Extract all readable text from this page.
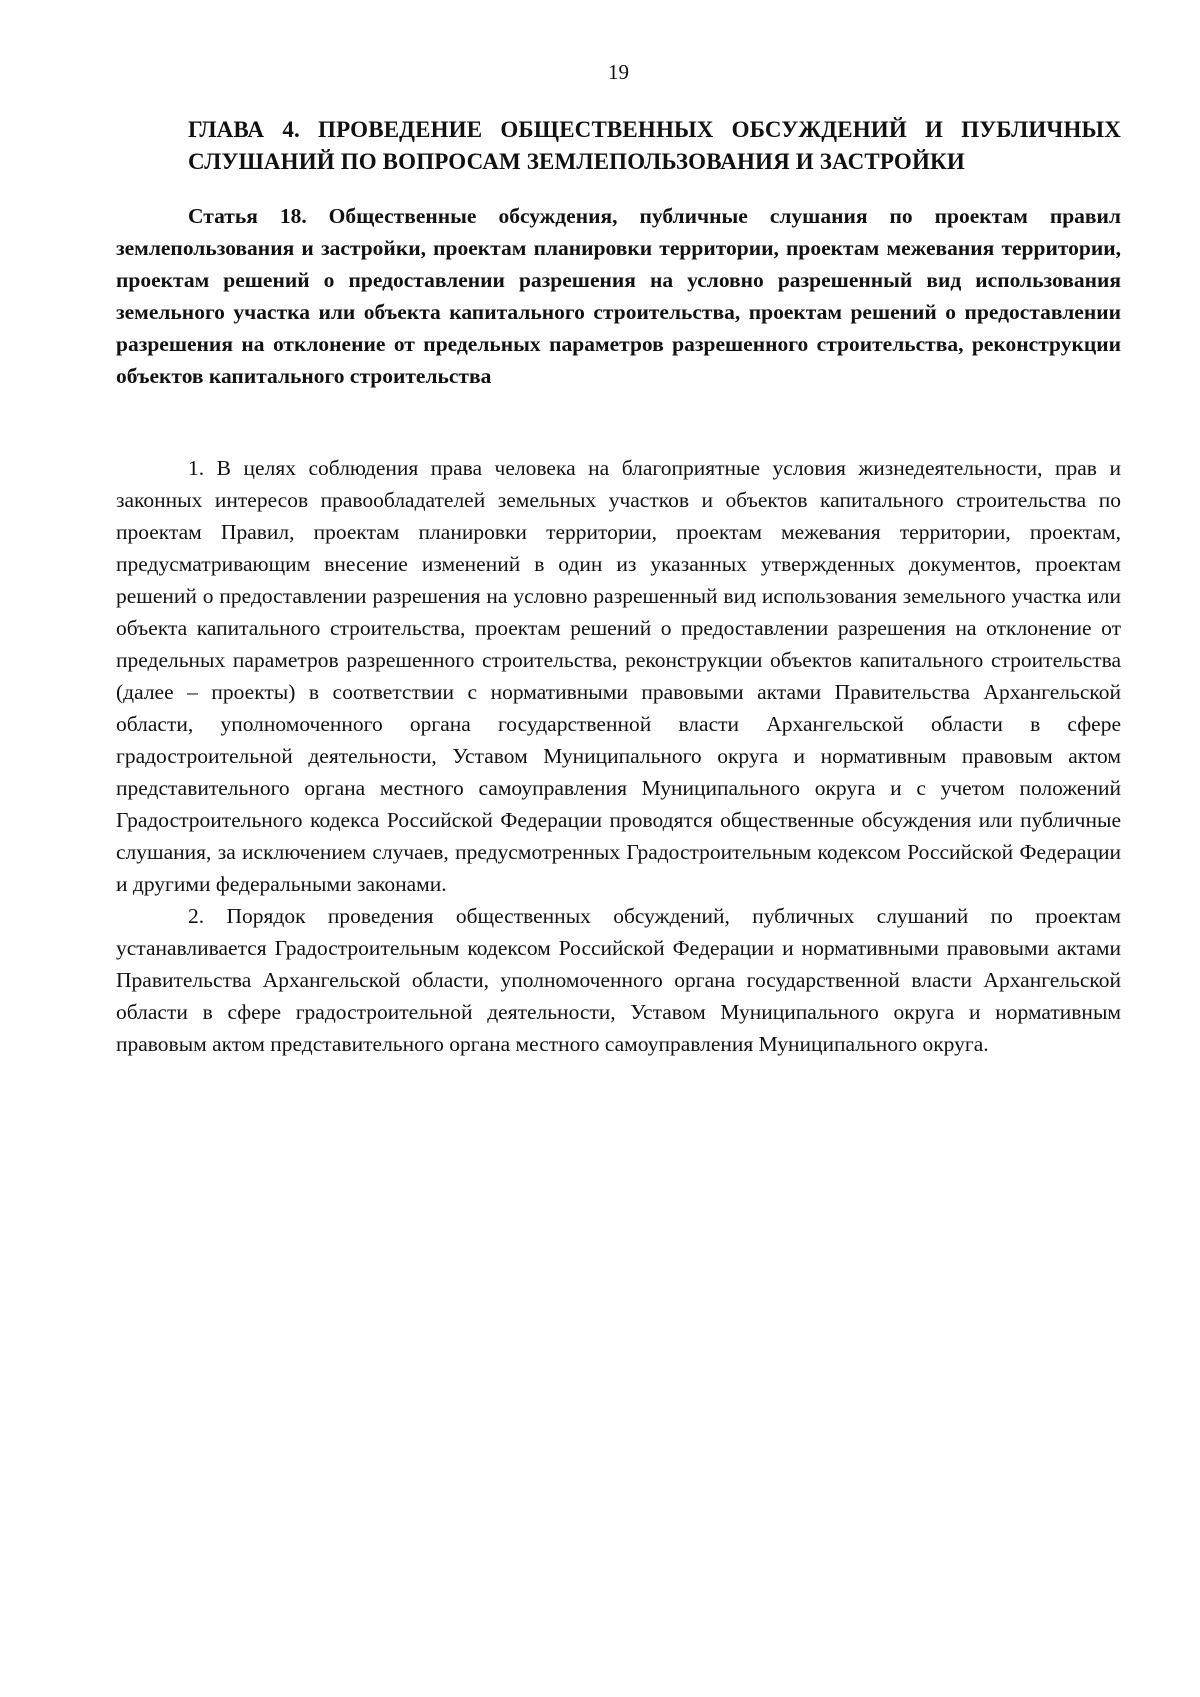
19
ГЛАВА 4. ПРОВЕДЕНИЕ ОБЩЕСТВЕННЫХ ОБСУЖДЕНИЙ И ПУБЛИЧНЫХ СЛУШАНИЙ ПО ВОПРОСАМ ЗЕМЛЕПОЛЬЗОВАНИЯ И ЗАСТРОЙКИ
Статья 18. Общественные обсуждения, публичные слушания по проектам правил землепользования и застройки, проектам планировки территории, проектам межевания территории, проектам решений о предоставлении разрешения на условно разрешенный вид использования земельного участка или объекта капитального строительства, проектам решений о предоставлении разрешения на отклонение от предельных параметров разрешенного строительства, реконструкции объектов капитального строительства

1. В целях соблюдения права человека на благоприятные условия жизнедеятельности, прав и законных интересов правообладателей земельных участков и объектов капитального строительства по проектам Правил, проектам планировки территории, проектам межевания территории, проектам, предусматривающим внесение изменений в один из указанных утвержденных документов, проектам решений о предоставлении разрешения на условно разрешенный вид использования земельного участка или объекта капитального строительства, проектам решений о предоставлении разрешения на отклонение от предельных параметров разрешенного строительства, реконструкции объектов капитального строительства (далее – проекты) в соответствии с нормативными правовыми актами Правительства Архангельской области, уполномоченного органа государственной власти Архангельской области в сфере градостроительной деятельности, Уставом Муниципального округа и нормативным правовым актом представительного органа местного самоуправления Муниципального округа и с учетом положений Градостроительного кодекса Российской Федерации проводятся общественные обсуждения или публичные слушания, за исключением случаев, предусмотренных Градостроительным кодексом Российской Федерации и другими федеральными законами.

2. Порядок проведения общественных обсуждений, публичных слушаний по проектам устанавливается Градостроительным кодексом Российской Федерации и нормативными правовыми актами Правительства Архангельской области, уполномоченного органа государственной власти Архангельской области в сфере градостроительной деятельности, Уставом Муниципального округа и нормативным правовым актом представительного органа местного самоуправления Муниципального округа.
